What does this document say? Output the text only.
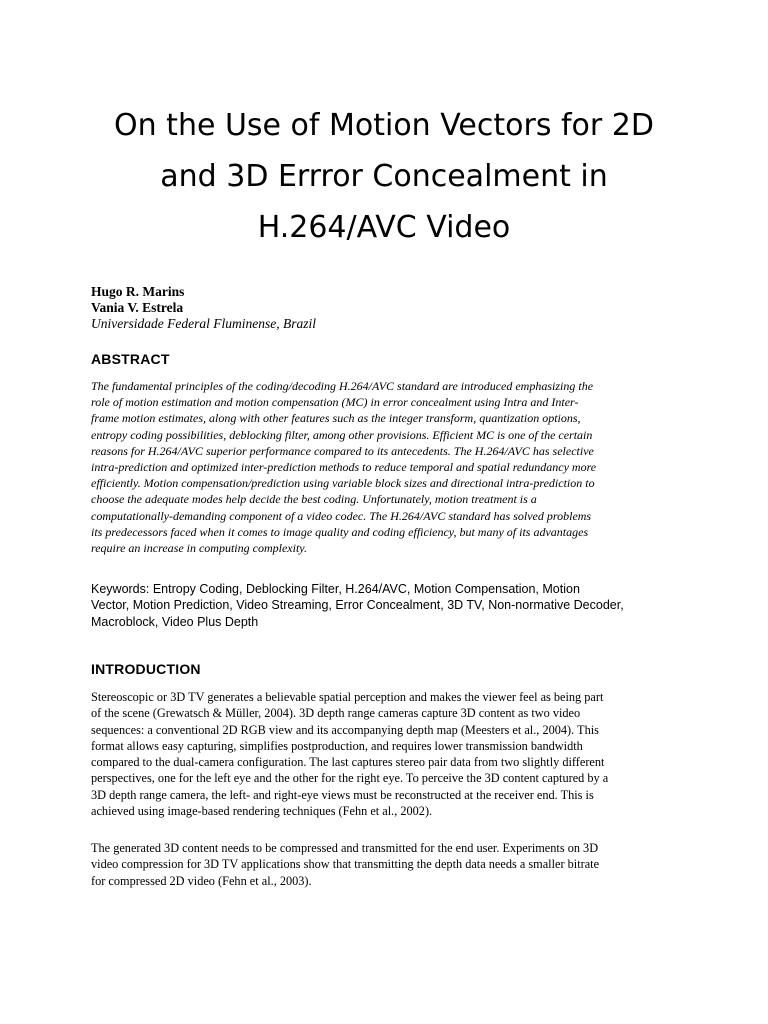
On the Use of Motion Vectors for 2D
and 3D Errror Concealment in
H.264/AVC Video
Hugo R. Marins
Vania V. Estrela
Universidade Federal Fluminense, Brazil
ABSTRACT
The fundamental principles of the coding/decoding H.264/AVC standard are introduced emphasizing the
role of motion estimation and motion compensation (MC) in error concealment using Intra and Inter-
frame motion estimates, along with other features such as the integer transform, quantization options,
entropy coding possibilities, deblocking filter, among other provisions. Efficient MC is one of the certain
reasons for H.264/AVC superior performance compared to its antecedents. The H.264/AVC has selective
intra-prediction and optimized inter-prediction methods to reduce temporal and spatial redundancy more
efficiently. Motion compensation/prediction using variable block sizes and directional intra-prediction to
choose the adequate modes help decide the best coding. Unfortunately, motion treatment is a
computationally-demanding component of a video codec. The H.264/AVC standard has solved problems
its predecessors faced when it comes to image quality and coding efficiency, but many of its advantages
require an increase in computing complexity.
Keywords: Entropy Coding, Deblocking Filter, H.264/AVC, Motion Compensation, Motion
Vector, Motion Prediction, Video Streaming, Error Concealment, 3D TV, Non-normative Decoder,
Macroblock, Video Plus Depth
INTRODUCTION
Stereoscopic or 3D TV generates a believable spatial perception and makes the viewer feel as being part
of the scene (Grewatsch & Müller, 2004). 3D depth range cameras capture 3D content as two video
sequences: a conventional 2D RGB view and its accompanying depth map (Meesters et al., 2004). This
format allows easy capturing, simplifies postproduction, and requires lower transmission bandwidth
compared to the dual-camera configuration. The last captures stereo pair data from two slightly different
perspectives, one for the left eye and the other for the right eye. To perceive the 3D content captured by a
3D depth range camera, the left- and right-eye views must be reconstructed at the receiver end. This is
achieved using image-based rendering techniques (Fehn et al., 2002).
The generated 3D content needs to be compressed and transmitted for the end user. Experiments on 3D
video compression for 3D TV applications show that transmitting the depth data needs a smaller bitrate
for compressed 2D video (Fehn et al., 2003).
